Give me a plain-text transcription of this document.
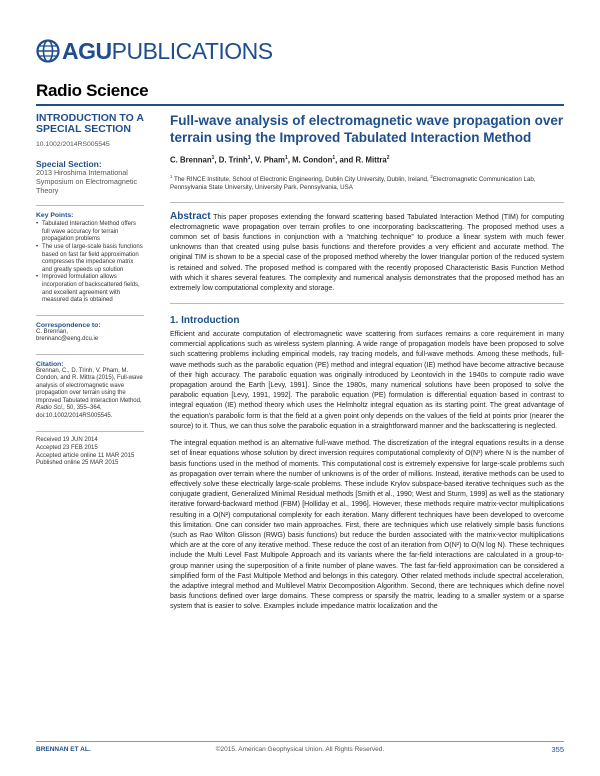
AGU PUBLICATIONS
Radio Science
INTRODUCTION TO A SPECIAL SECTION
10.1002/2014RS005545
Special Section:
2013 Hiroshima International Symposium on Electromagnetic Theory
Key Points:
• Tabulated Interaction Method offers full wave accuracy for terrain propagation problems
• The use of large-scale basis functions based on fast far field approximation compresses the impedance matrix and greatly speeds up solution
• Improved formulation allows incorporation of backscattered fields, and excellent agreement with measured data is obtained
Correspondence to:
C. Brennan,
brennanc@eeng.dcu.ie
Citation:
Brennan, C., D. Trinh, V. Pham, M. Condon, and R. Mittra (2015), Full-wave analysis of electromagnetic wave propagation over terrain using the Improved Tabulated Interaction Method, Radio Sci., 50, 355–364, doi:10.1002/2014RS005545.
Received 19 JUN 2014
Accepted 23 FEB 2015
Accepted article online 11 MAR 2015
Published online 25 MAR 2015
Full-wave analysis of electromagnetic wave propagation over terrain using the Improved Tabulated Interaction Method
C. Brennan$^1$, D. Trinh$^1$, V. Pham$^1$, M. Condon$^1$, and R. Mittra$^2$
$^1$ The RINCE Institute, School of Electronic Engineering, Dublin City University, Dublin, Ireland, $^2$Electromagnetic Communication Lab, Pennsylvania State University, University Park, Pennsylvania, USA

Abstract This paper proposes extending the forward scattering based Tabulated Interaction Method (TIM) for computing electromagnetic wave propagation over terrain profiles to one incorporating backscattering. The proposed method uses a common set of basis functions in conjunction with a “matching technique” to produce a linear system with much fewer unknowns than that created using pulse basis functions and therefore provides a very efficient and accurate method. The original TIM is shown to be a special case of the proposed method whereby the lower triangular portion of the reduced system is retained and solved. The proposed method is compared with the recently proposed Characteristic Basis Function Method with which it shares several features. The complexity and numerical analysis demonstrates that the proposed method has an extremely low computational complexity and storage.

1. Introduction

Efficient and accurate computation of electromagnetic wave scattering from surfaces remains a core requirement in many commercial applications such as wireless system planning. A wide range of propagation models have been proposed to solve such scattering problems including empirical models, ray tracing models, and full-wave methods. Among these methods, full-wave methods such as the parabolic equation (PE) method and integral equation (IE) method have become attractive because of their high accuracy. The parabolic equation was originally introduced by Leontovich in the 1940s to compute radio wave propagation around the Earth [Levy, 1991]. Since the 1980s, many numerical solutions have been proposed to solve the parabolic equation [Levy, 1991, 1992]. The parabolic equation (PE) formulation is differential equation based in contrast to integral equation (IE) method theory which uses the Helmholtz integral equation as its starting point. The great advantage of the equation's parabolic form is that the field at a given point only depends on the values of the field at points prior (nearer the source) to it. Thus, we can thus solve the parabolic equation in a straightforward manner and the backscattering is neglected.

The integral equation method is an alternative full-wave method. The discretization of the integral equations results in a dense set of linear equations whose solution by direct inversion requires computational complexity of O(N³) where N is the number of basis functions used in the method of moments. This computational cost is extremely expensive for large-scale problems such as propagation over terrain where the number of unknowns is of the order of millions. Instead, iterative methods can be used to effectively solve these electrically large-scale problems. These include Krylov subspace-based iterative techniques such as the conjugate gradient, Generalized Minimal Residual methods [Smith et al., 1990; West and Sturm, 1999] as well as the stationary iterative forward-backward method (FBM) [Holliday et al., 1996]. However, these methods require matrix-vector multiplications resulting in a O(N²) computational complexity for each iteration. Many different techniques have been developed to overcome this limitation. One can consider two main approaches. First, there are techniques which use relatively simple basis functions (such as Rao Wilton Glisson (RWG) basis functions) but reduce the burden associated with the matrix-vector multiplications which are at the core of any iterative method. These reduce the cost of an iteration from O(N²) to O(N log N). These techniques include the Multi Level Fast Multipole Approach and its variants where the far-field interactions are calculated in a group-to-group manner using the superposition of a finite number of plane waves. The fast far-field approximation can be considered a simplified form of the Fast Multipole Method and belongs in this category. Other related methods include spectral acceleration, the adaptive integral method and Multilevel Matrix Decomposition Algorithm. Second, there are techniques which define novel basis functions defined over large domains. These compress or sparsify the matrix, leading to a smaller system or a sparse system that is easier to solve. Examples include impedance matrix localization and the

BRENNAN ET AL.	©2015. American Geophysical Union. All Rights Reserved.	355
